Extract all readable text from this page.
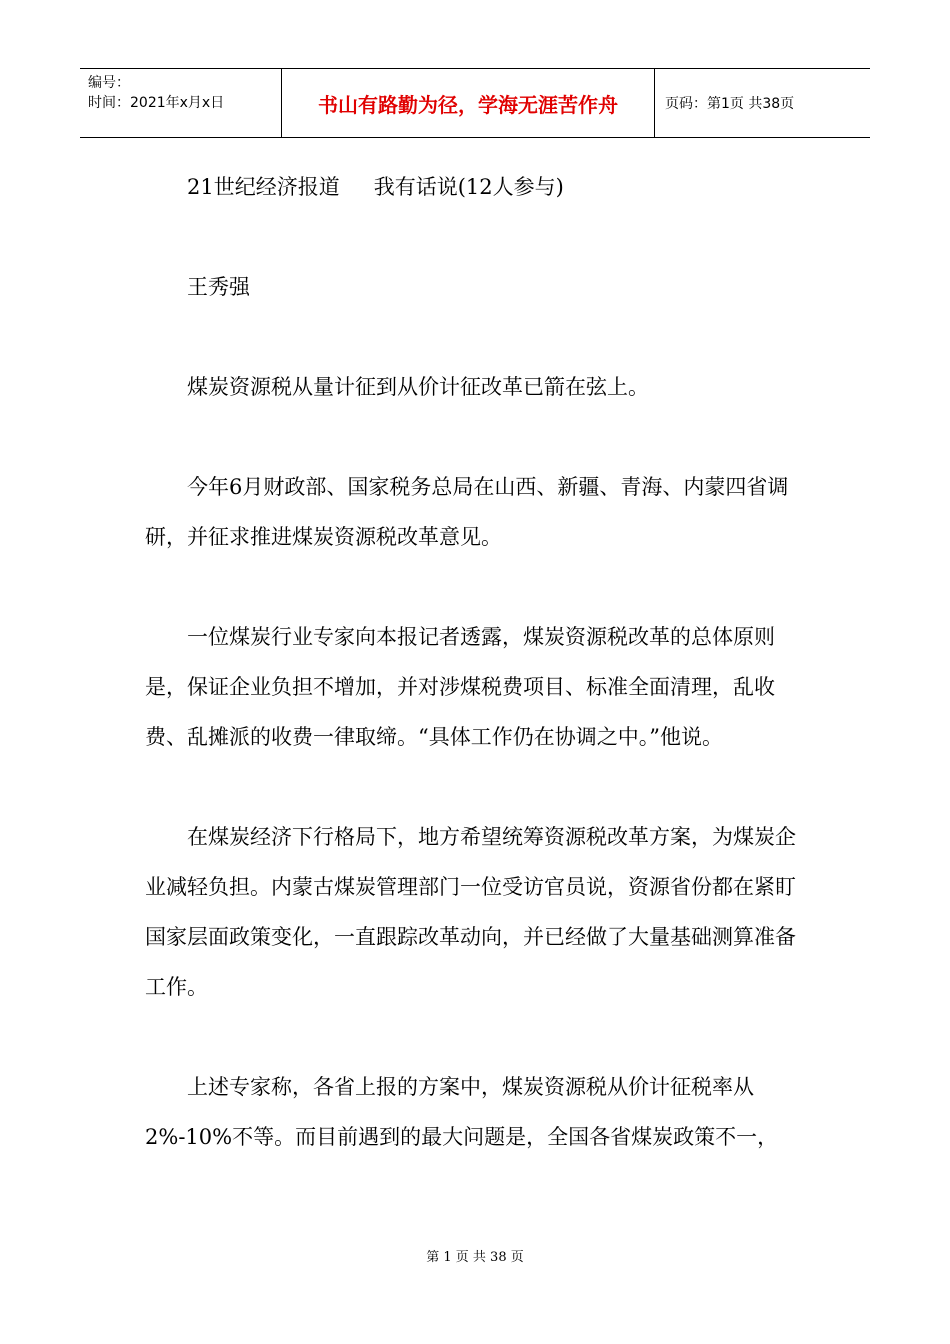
编号：
时间：2021年x月x日	书山有路勤为径，学海无涯苦作舟	页码：第1页 共38页

21世纪经济报道 我有话说(12人参与)

王秀强

煤炭资源税从量计征到从价计征改革已箭在弦上。

今年6月财政部、国家税务总局在山西、新疆、青海、内蒙四省调研，并征求推进煤炭资源税改革意见。

一位煤炭行业专家向本报记者透露，煤炭资源税改革的总体原则是，保证企业负担不增加，并对涉煤税费项目、标准全面清理，乱收费、乱摊派的收费一律取缔。“具体工作仍在协调之中。”他说。

在煤炭经济下行格局下，地方希望统筹资源税改革方案，为煤炭企业减轻负担。内蒙古煤炭管理部门一位受访官员说，资源省份都在紧盯国家层面政策变化，一直跟踪改革动向，并已经做了大量基础测算准备工作。

上述专家称，各省上报的方案中，煤炭资源税从价计征税率从2%-10%不等。而目前遇到的最大问题是，全国各省煤炭政策不一，

第 1 页 共 38 页
